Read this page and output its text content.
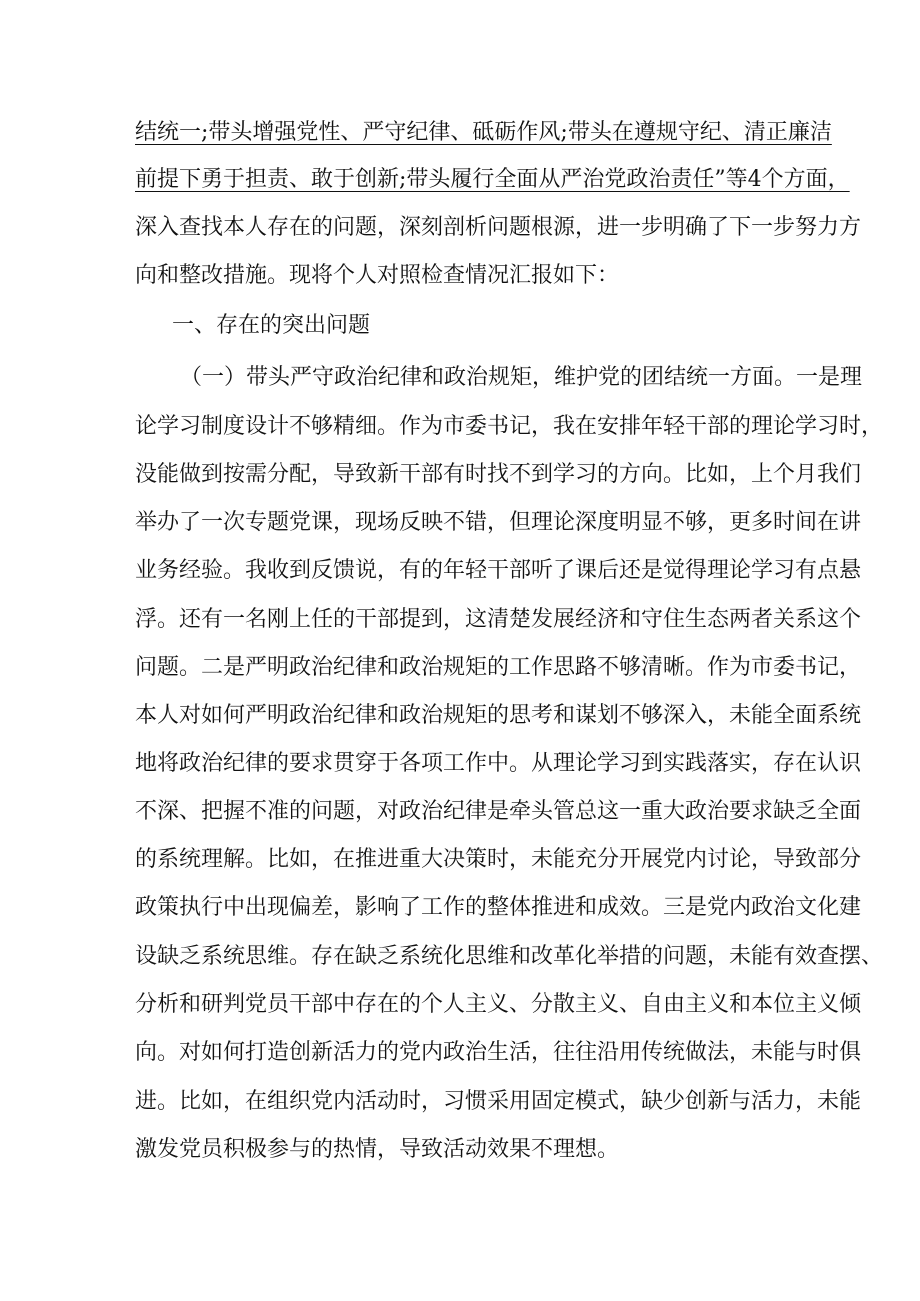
结统一;带头增强党性、严守纪律、砥砺作风;带头在遵规守纪、清正廉洁
前提下勇于担责、敢于创新;带头履行全面从严治党政治责任”等4个方面，
深入查找本人存在的问题，深刻剖析问题根源，进一步明确了下一步努力方
向和整改措施。现将个人对照检查情况汇报如下：
一、存在的突出问题
（一）带头严守政治纪律和政治规矩，维护党的团结统一方面。一是理
论学习制度设计不够精细。作为市委书记，我在安排年轻干部的理论学习时，
没能做到按需分配，导致新干部有时找不到学习的方向。比如，上个月我们
举办了一次专题党课，现场反映不错，但理论深度明显不够，更多时间在讲
业务经验。我收到反馈说，有的年轻干部听了课后还是觉得理论学习有点悬
浮。还有一名刚上任的干部提到，这清楚发展经济和守住生态两者关系这个
问题。二是严明政治纪律和政治规矩的工作思路不够清晰。作为市委书记，
本人对如何严明政治纪律和政治规矩的思考和谋划不够深入，未能全面系统
地将政治纪律的要求贯穿于各项工作中。从理论学习到实践落实，存在认识
不深、把握不准的问题，对政治纪律是牵头管总这一重大政治要求缺乏全面
的系统理解。比如，在推进重大决策时，未能充分开展党内讨论，导致部分
政策执行中出现偏差，影响了工作的整体推进和成效。三是党内政治文化建
设缺乏系统思维。存在缺乏系统化思维和改革化举措的问题，未能有效查摆、
分析和研判党员干部中存在的个人主义、分散主义、自由主义和本位主义倾
向。对如何打造创新活力的党内政治生活，往往沿用传统做法，未能与时俱
进。比如，在组织党内活动时，习惯采用固定模式，缺少创新与活力，未能
激发党员积极参与的热情，导致活动效果不理想。
